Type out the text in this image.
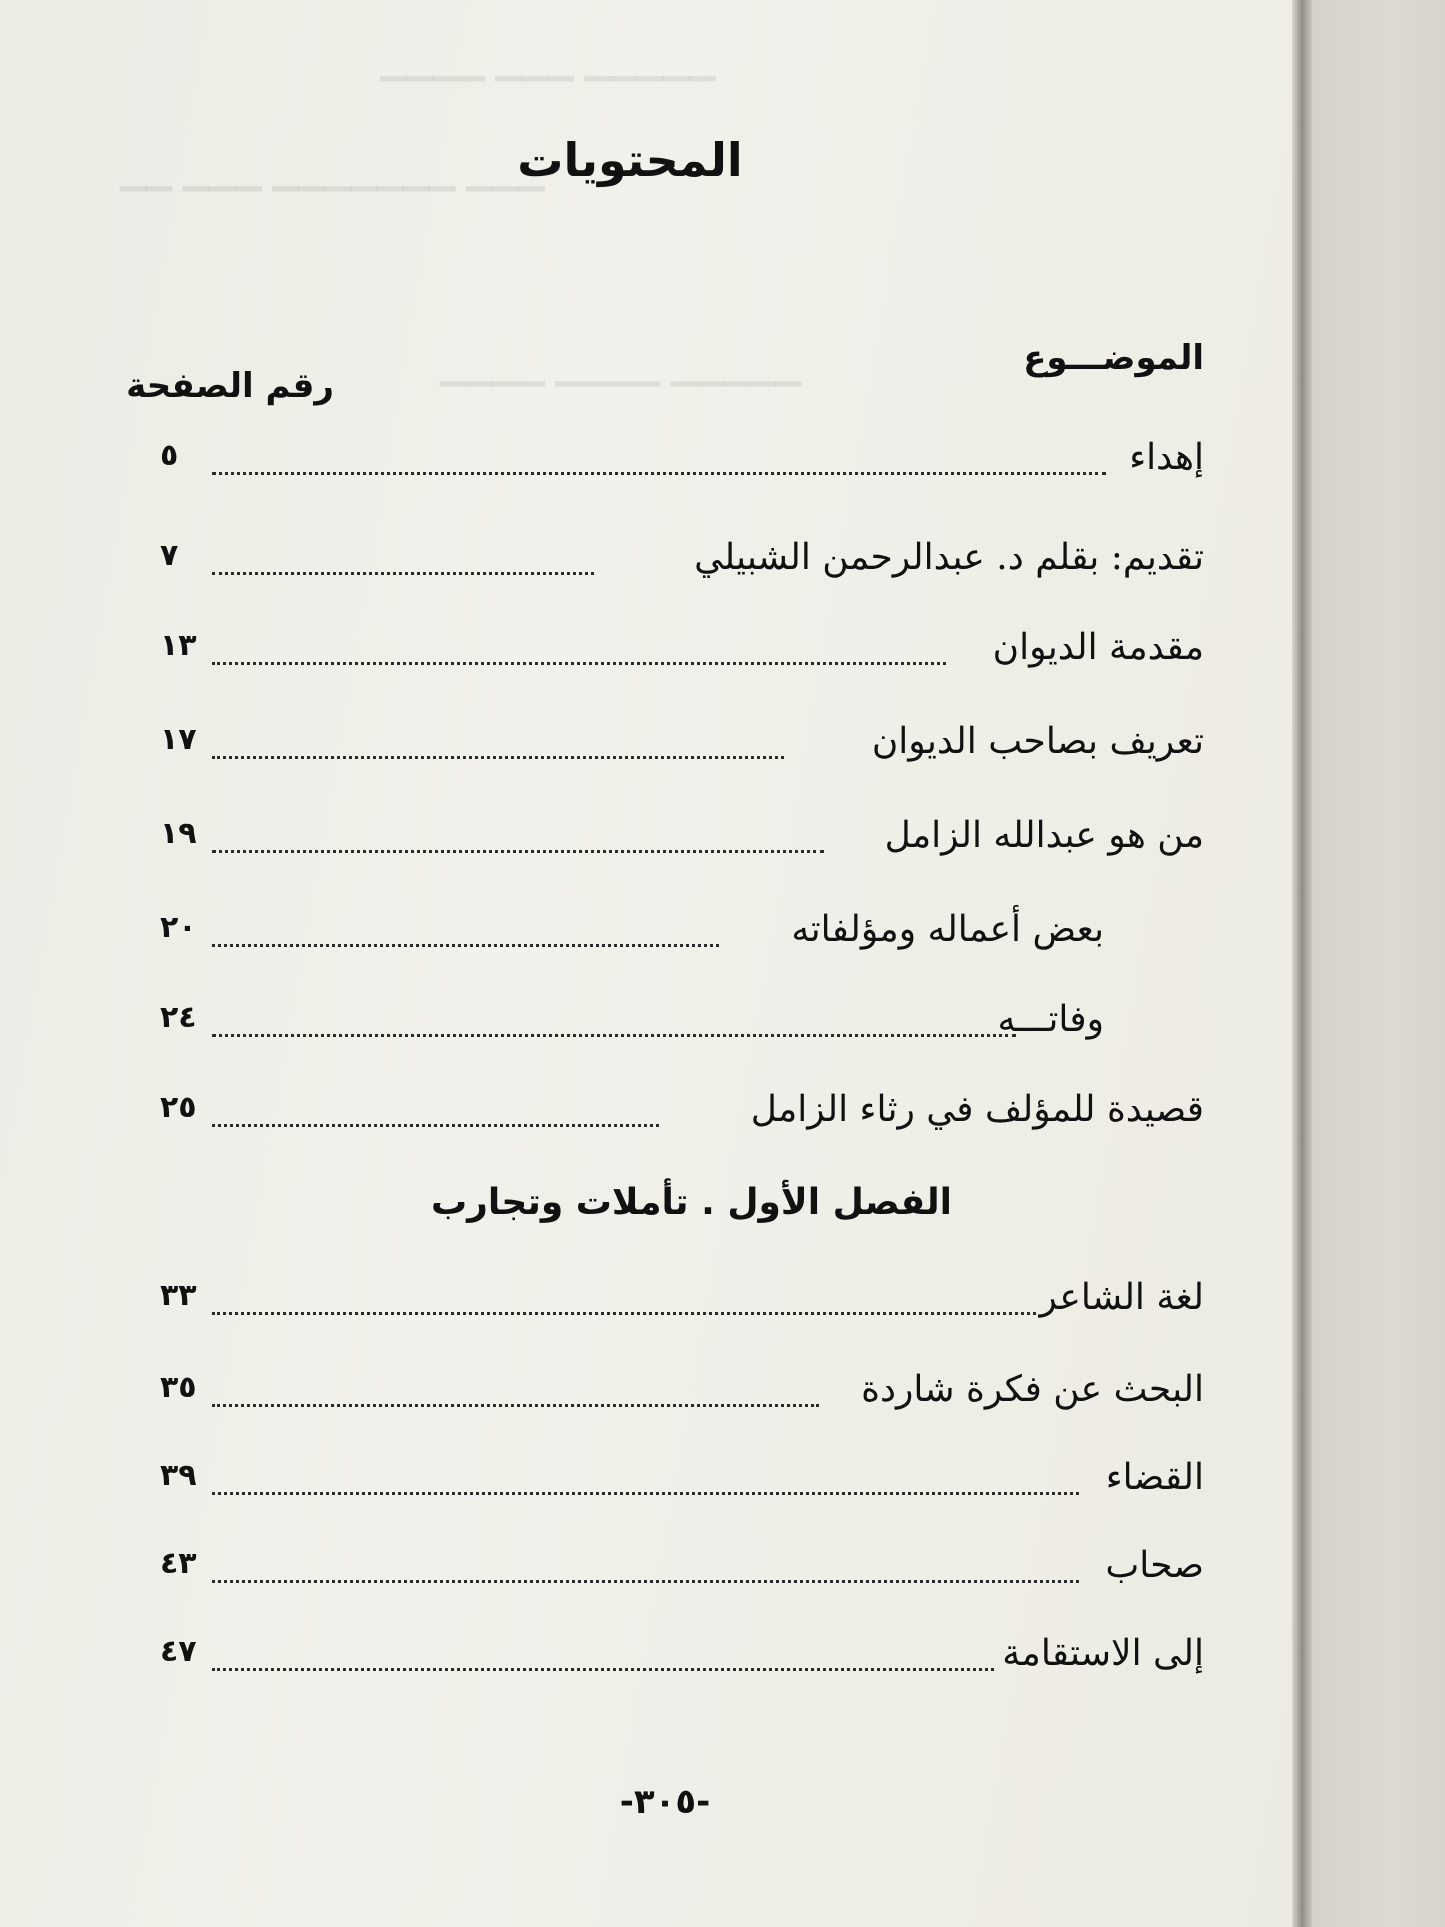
▁▁▁▁▁ ▁▁▁ ▁▁▁▁
▁▁▁ ▁▁▁▁▁▁▁ ▁▁▁ ▁▁
▁▁▁▁▁ ▁▁▁▁ ▁▁▁▁
المحتويات
الموضـــوع
رقم الصفحة
إهداء
٥
تقديم: بقلم د. عبدالرحمن الشبيلي
٧
مقدمة الديوان
١٣
تعريف بصاحب الديوان
١٧
من هو عبدالله الزامل
١٩
بعض أعماله ومؤلفاته
٢٠
وفاتـــه
٢٤
قصيدة للمؤلف في رثاء الزامل
٢٥
الفصل الأول . تأملات وتجارب
لغة الشاعر
٣٣
البحث عن فكرة شاردة
٣٥
القضاء
٣٩
صحاب
٤٣
إلى الاستقامة
٤٧
-٣٠٥-
